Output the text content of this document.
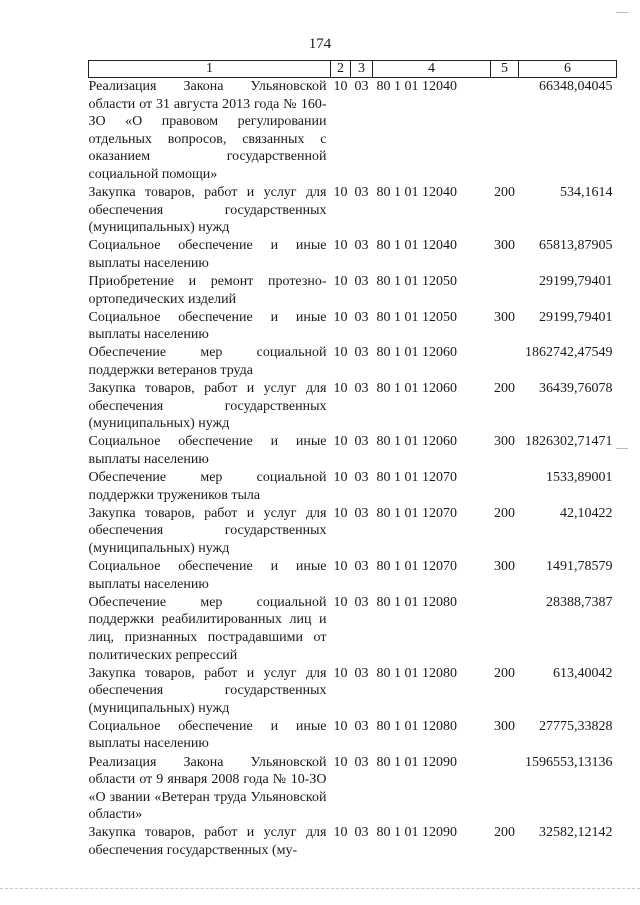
174
1	2	3	4	5	6
Реализация Закона Ульяновской области от 31 августа 2013 года № 160-ЗО «О правовом регулировании отдельных вопросов, связанных с оказанием государственной социальной помощи»	10	03	80 1 01 12040		66348,04045
Закупка товаров, работ и услуг для обеспечения государственных (муниципальных) нужд	10	03	80 1 01 12040	200	534,1614
Социальное обеспечение и иные выплаты населению	10	03	80 1 01 12040	300	65813,87905
Приобретение и ремонт протезно-ортопедических изделий	10	03	80 1 01 12050		29199,79401
Социальное обеспечение и иные выплаты населению	10	03	80 1 01 12050	300	29199,79401
Обеспечение мер социальной поддержки ветеранов труда	10	03	80 1 01 12060		1862742,47549
Закупка товаров, работ и услуг для обеспечения государственных (муниципальных) нужд	10	03	80 1 01 12060	200	36439,76078
Социальное обеспечение и иные выплаты населению	10	03	80 1 01 12060	300	1826302,71471
Обеспечение мер социальной поддержки тружеников тыла	10	03	80 1 01 12070		1533,89001
Закупка товаров, работ и услуг для обеспечения государственных (муниципальных) нужд	10	03	80 1 01 12070	200	42,10422
Социальное обеспечение и иные выплаты населению	10	03	80 1 01 12070	300	1491,78579
Обеспечение мер социальной поддержки реабилитированных лиц и лиц, признанных пострадавшими от политических репрессий	10	03	80 1 01 12080		28388,7387
Закупка товаров, работ и услуг для обеспечения государственных (муниципальных) нужд	10	03	80 1 01 12080	200	613,40042
Социальное обеспечение и иные выплаты населению	10	03	80 1 01 12080	300	27775,33828
Реализация Закона Ульяновской области от 9 января 2008 года № 10-ЗО «О звании «Ветеран труда Ульяновской области»	10	03	80 1 01 12090		1596553,13136
Закупка товаров, работ и услуг для обеспечения государственных (му-	10	03	80 1 01 12090	200	32582,12142
